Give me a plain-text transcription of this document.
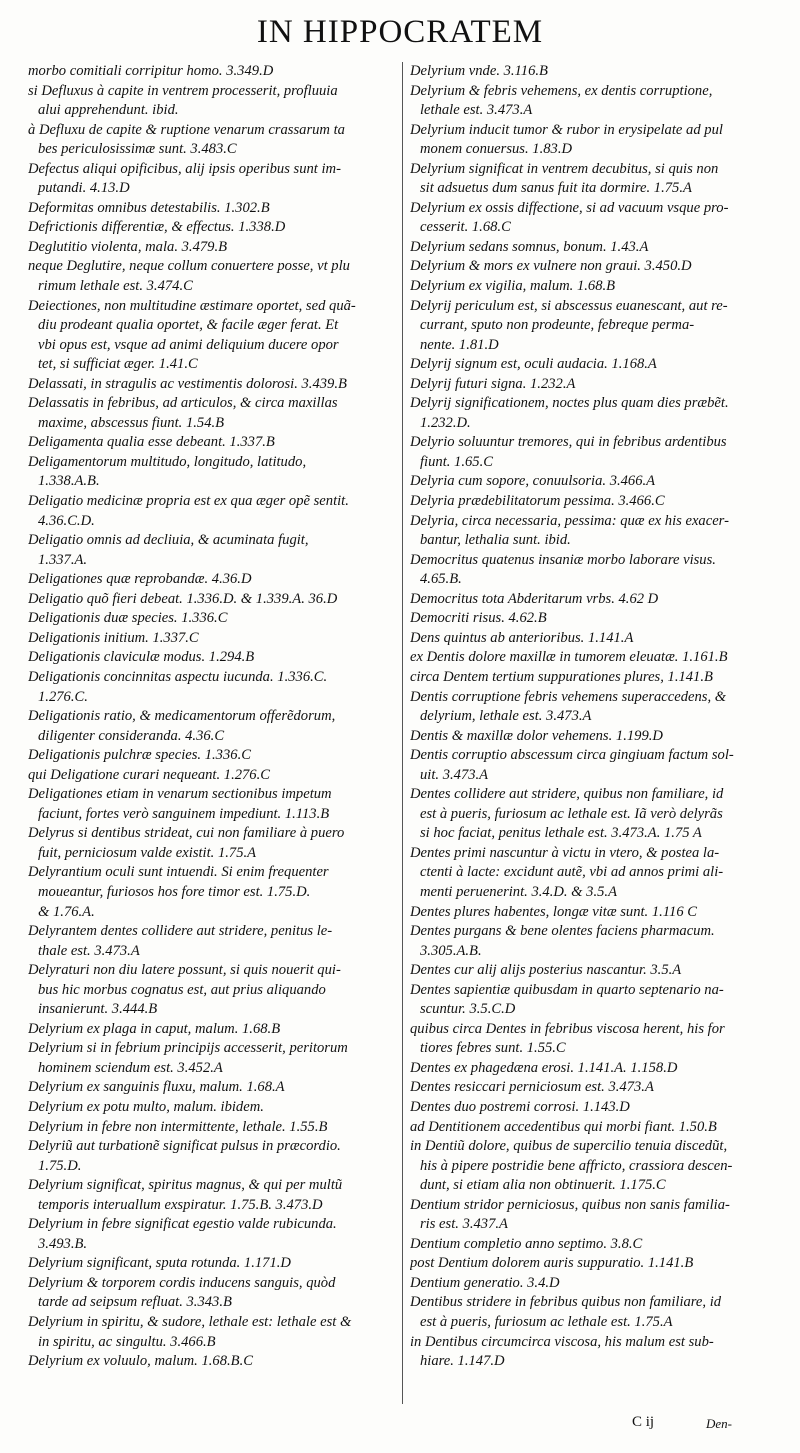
IN HIPPOCRATEM
morbo comitiali corripitur homo. 3.349.D
si Defluxus à capite in ventrem processerit, profluuia
alui apprehendunt. ibid.
à Defluxu de capite & ruptione venarum crassarum ta
bes periculosissimæ sunt. 3.483.C
Defectus aliqui opificibus, alij ipsis operibus sunt im-
putandi. 4.13.D
Deformitas omnibus detestabilis. 1.302.B
Defrictionis differentiæ, & effectus. 1.338.D
Deglutitio violenta, mala. 3.479.B
neque Deglutire, neque collum conuertere posse, vt plu
rimum lethale est. 3.474.C
Deiectiones, non multitudine æstimare oportet, sed quã-
diu prodeant qualia oportet, & facile æger ferat. Et
vbi opus est, vsque ad animi deliquium ducere opor
tet, si sufficiat æger. 1.41.C
Delassati, in stragulis ac vestimentis dolorosi. 3.439.B
Delassatis in febribus, ad articulos, & circa maxillas
maxime, abscessus fiunt. 1.54.B
Deligamenta qualia esse debeant. 1.337.B
Deligamentorum multitudo, longitudo, latitudo,
1.338.A.B.
Deligatio medicinæ propria est ex qua æger opẽ sentit.
4.36.C.D.
Deligatio omnis ad decliuia, & acuminata fugit,
1.337.A.
Deligationes quæ reprobandæ. 4.36.D
Deligatio quõ fieri debeat. 1.336.D. & 1.339.A. 36.D
Deligationis duæ species. 1.336.C
Deligationis initium. 1.337.C
Deligationis claviculæ modus. 1.294.B
Deligationis concinnitas aspectu iucunda. 1.336.C.
1.276.C.
Deligationis ratio, & medicamentorum offerẽdorum,
diligenter consideranda. 4.36.C
Deligationis pulchræ species. 1.336.C
qui Deligatione curari nequeant. 1.276.C
Deligationes etiam in venarum sectionibus impetum
faciunt, fortes verò sanguinem impediunt. 1.113.B
Delyrus si dentibus strideat, cui non familiare à puero
fuit, perniciosum valde existit. 1.75.A
Delyrantium oculi sunt intuendi. Si enim frequenter
moueantur, furiosos hos fore timor est. 1.75.D.
& 1.76.A.
Delyrantem dentes collidere aut stridere, penitus le-
thale est. 3.473.A
Delyraturi non diu latere possunt, si quis nouerit qui-
bus hic morbus cognatus est, aut prius aliquando
insanierunt. 3.444.B
Delyrium ex plaga in caput, malum. 1.68.B
Delyrium si in febrium principijs accesserit, peritorum
hominem sciendum est. 3.452.A
Delyrium ex sanguinis fluxu, malum. 1.68.A
Delyrium ex potu multo, malum. ibidem.
Delyrium in febre non intermittente, lethale. 1.55.B
Delyriũ aut turbationẽ significat pulsus in præcordio.
1.75.D.
Delyrium significat, spiritus magnus, & qui per multũ
temporis interuallum exspiratur. 1.75.B. 3.473.D
Delyrium in febre significat egestio valde rubicunda.
3.493.B.
Delyrium significant, sputa rotunda. 1.171.D
Delyrium & torporem cordis inducens sanguis, quòd
tarde ad seipsum refluat. 3.343.B
Delyrium in spiritu, & sudore, lethale est: lethale est &
in spiritu, ac singultu. 3.466.B
Delyrium ex voluulo, malum. 1.68.B.C
Delyrium vnde. 3.116.B
Delyrium & febris vehemens, ex dentis corruptione,
lethale est. 3.473.A
Delyrium inducit tumor & rubor in erysipelate ad pul
monem conuersus. 1.83.D
Delyrium significat in ventrem decubitus, si quis non
sit adsuetus dum sanus fuit ita dormire. 1.75.A
Delyrium ex ossis diffectione, si ad vacuum vsque pro-
cesserit. 1.68.C
Delyrium sedans somnus, bonum. 1.43.A
Delyrium & mors ex vulnere non graui. 3.450.D
Delyrium ex vigilia, malum. 1.68.B
Delyrij periculum est, si abscessus euanescant, aut re-
currant, sputo non prodeunte, febreque perma-
nente. 1.81.D
Delyrij signum est, oculi audacia. 1.168.A
Delyrij futuri signa. 1.232.A
Delyrij significationem, noctes plus quam dies præbẽt.
1.232.D.
Delyrio soluuntur tremores, qui in febribus ardentibus
fiunt. 1.65.C
Delyria cum sopore, conuulsoria. 3.466.A
Delyria prædebilitatorum pessima. 3.466.C
Delyria, circa necessaria, pessima: quæ ex his exacer-
bantur, lethalia sunt. ibid.
Democritus quatenus insaniæ morbo laborare visus.
4.65.B.
Democritus tota Abderitarum vrbs. 4.62 D
Democriti risus. 4.62.B
Dens quintus ab anterioribus. 1.141.A
ex Dentis dolore maxillæ in tumorem eleuatæ. 1.161.B
circa Dentem tertium suppurationes plures, 1.141.B
Dentis corruptione febris vehemens superaccedens, &
delyrium, lethale est. 3.473.A
Dentis & maxillæ dolor vehemens. 1.199.D
Dentis corruptio abscessum circa gingiuam factum sol-
uit. 3.473.A
Dentes collidere aut stridere, quibus non familiare, id
est à pueris, furiosum ac lethale est. Iã verò delyrãs
si hoc faciat, penitus lethale est. 3.473.A. 1.75 A
Dentes primi nascuntur à victu in vtero, & postea la-
ctenti à lacte: excidunt autẽ, vbi ad annos primi ali-
menti peruenerint. 3.4.D. & 3.5.A
Dentes plures habentes, longæ vitæ sunt. 1.116 C
Dentes purgans & bene olentes faciens pharmacum.
3.305.A.B.
Dentes cur alij alijs posterius nascantur. 3.5.A
Dentes sapientiæ quibusdam in quarto septenario na-
scuntur. 3.5.C.D
quibus circa Dentes in febribus viscosa herent, his for
tiores febres sunt. 1.55.C
Dentes ex phagedæna erosi. 1.141.A. 1.158.D
Dentes resiccari perniciosum est. 3.473.A
Dentes duo postremi corrosi. 1.143.D
ad Dentitionem accedentibus qui morbi fiant. 1.50.B
in Dentiũ dolore, quibus de supercilio tenuia discedũt,
his à pipere postridie bene affricto, crassiora descen-
dunt, si etiam alia non obtinuerit. 1.175.C
Dentium stridor perniciosus, quibus non sanis familia-
ris est. 3.437.A
Dentium completio anno septimo. 3.8.C
post Dentium dolorem auris suppuratio. 1.141.B
Dentium generatio. 3.4.D
Dentibus stridere in febribus quibus non familiare, id
est à pueris, furiosum ac lethale est. 1.75.A
in Dentibus circumcirca viscosa, his malum est sub-
hiare. 1.147.D
C ij	Den-
